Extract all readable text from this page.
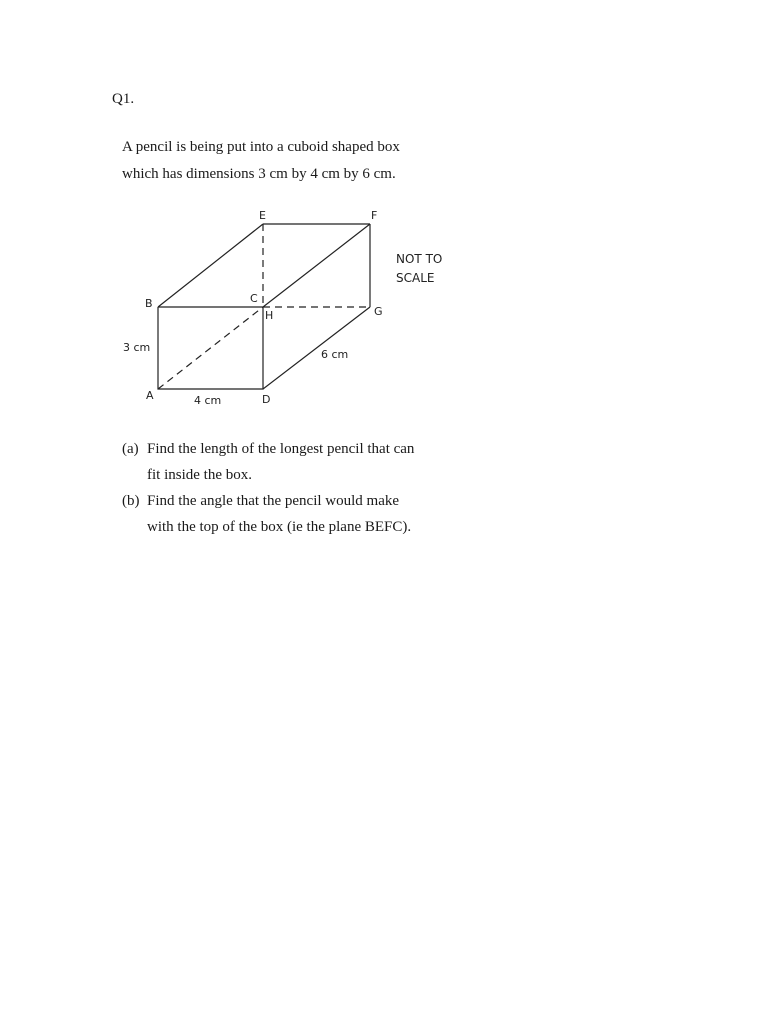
Q1.

A pencil is being put into a cuboid shaped box

which has dimensions 3 cm by 4 cm by 6 cm.

E	F
B	C
H	G
A	D
3 cm
4 cm
6 cm
NOT TO
SCALE
(a) Find the length of the longest pencil that can
fit inside the box.
(b) Find the angle that the pencil would make
with the top of the box (ie the plane BEFC).
